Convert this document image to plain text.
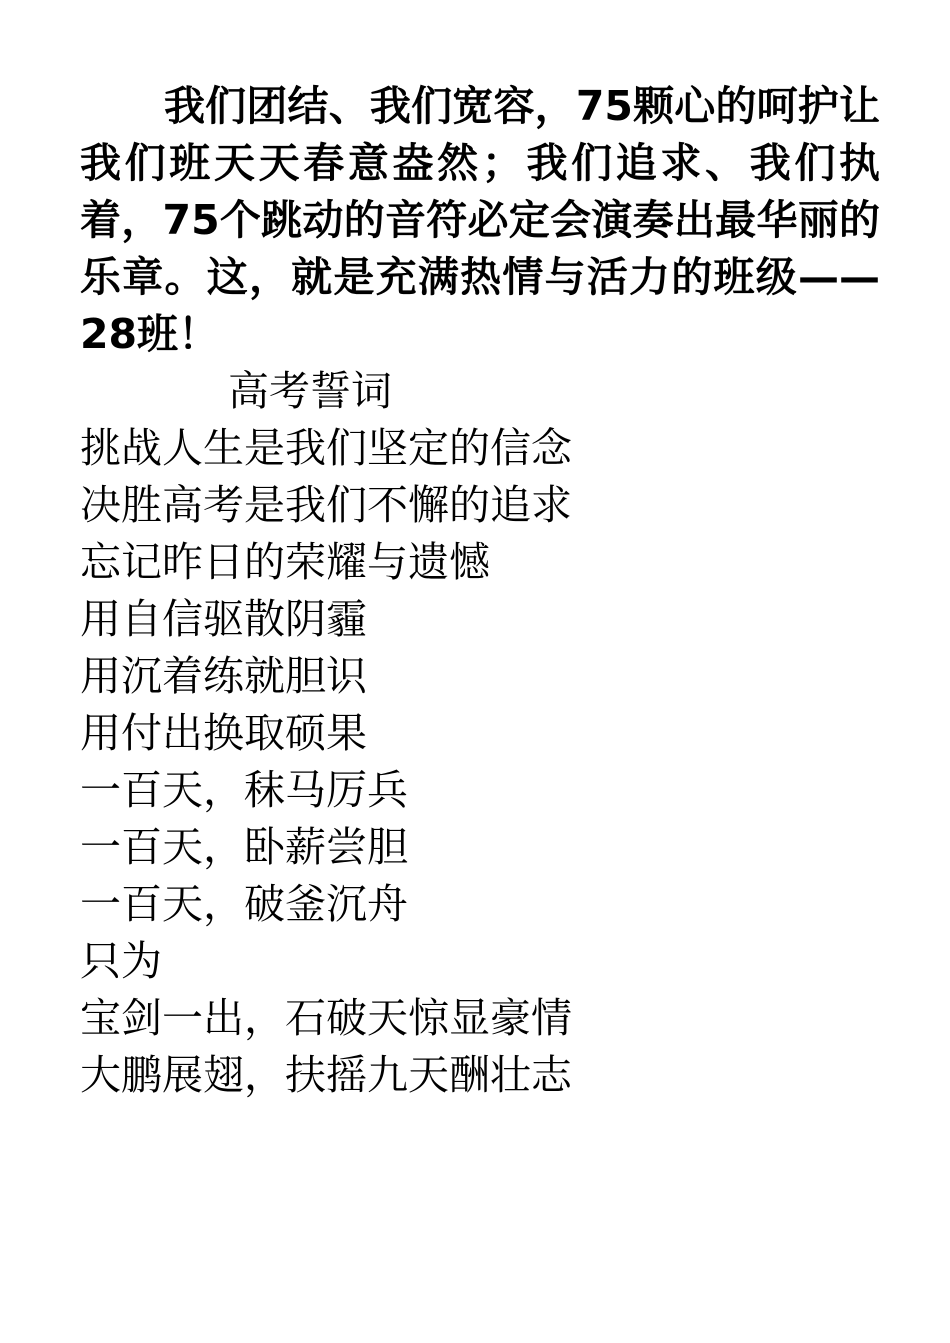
我们团结、我们宽容，75颗心的呵护让我们班天天春意盎然；我们追求、我们执着，75个跳动的音符必定会演奏出最华丽的乐章。这，就是充满热情与活力的班级——28班！

高考誓词
挑战人生是我们坚定的信念
决胜高考是我们不懈的追求
忘记昨日的荣耀与遗憾
用自信驱散阴霾
用沉着练就胆识
用付出换取硕果
一百天，秣马厉兵
一百天，卧薪尝胆
一百天，破釜沉舟
只为
宝剑一出，石破天惊显豪情
大鹏展翅，扶摇九天酬壮志
